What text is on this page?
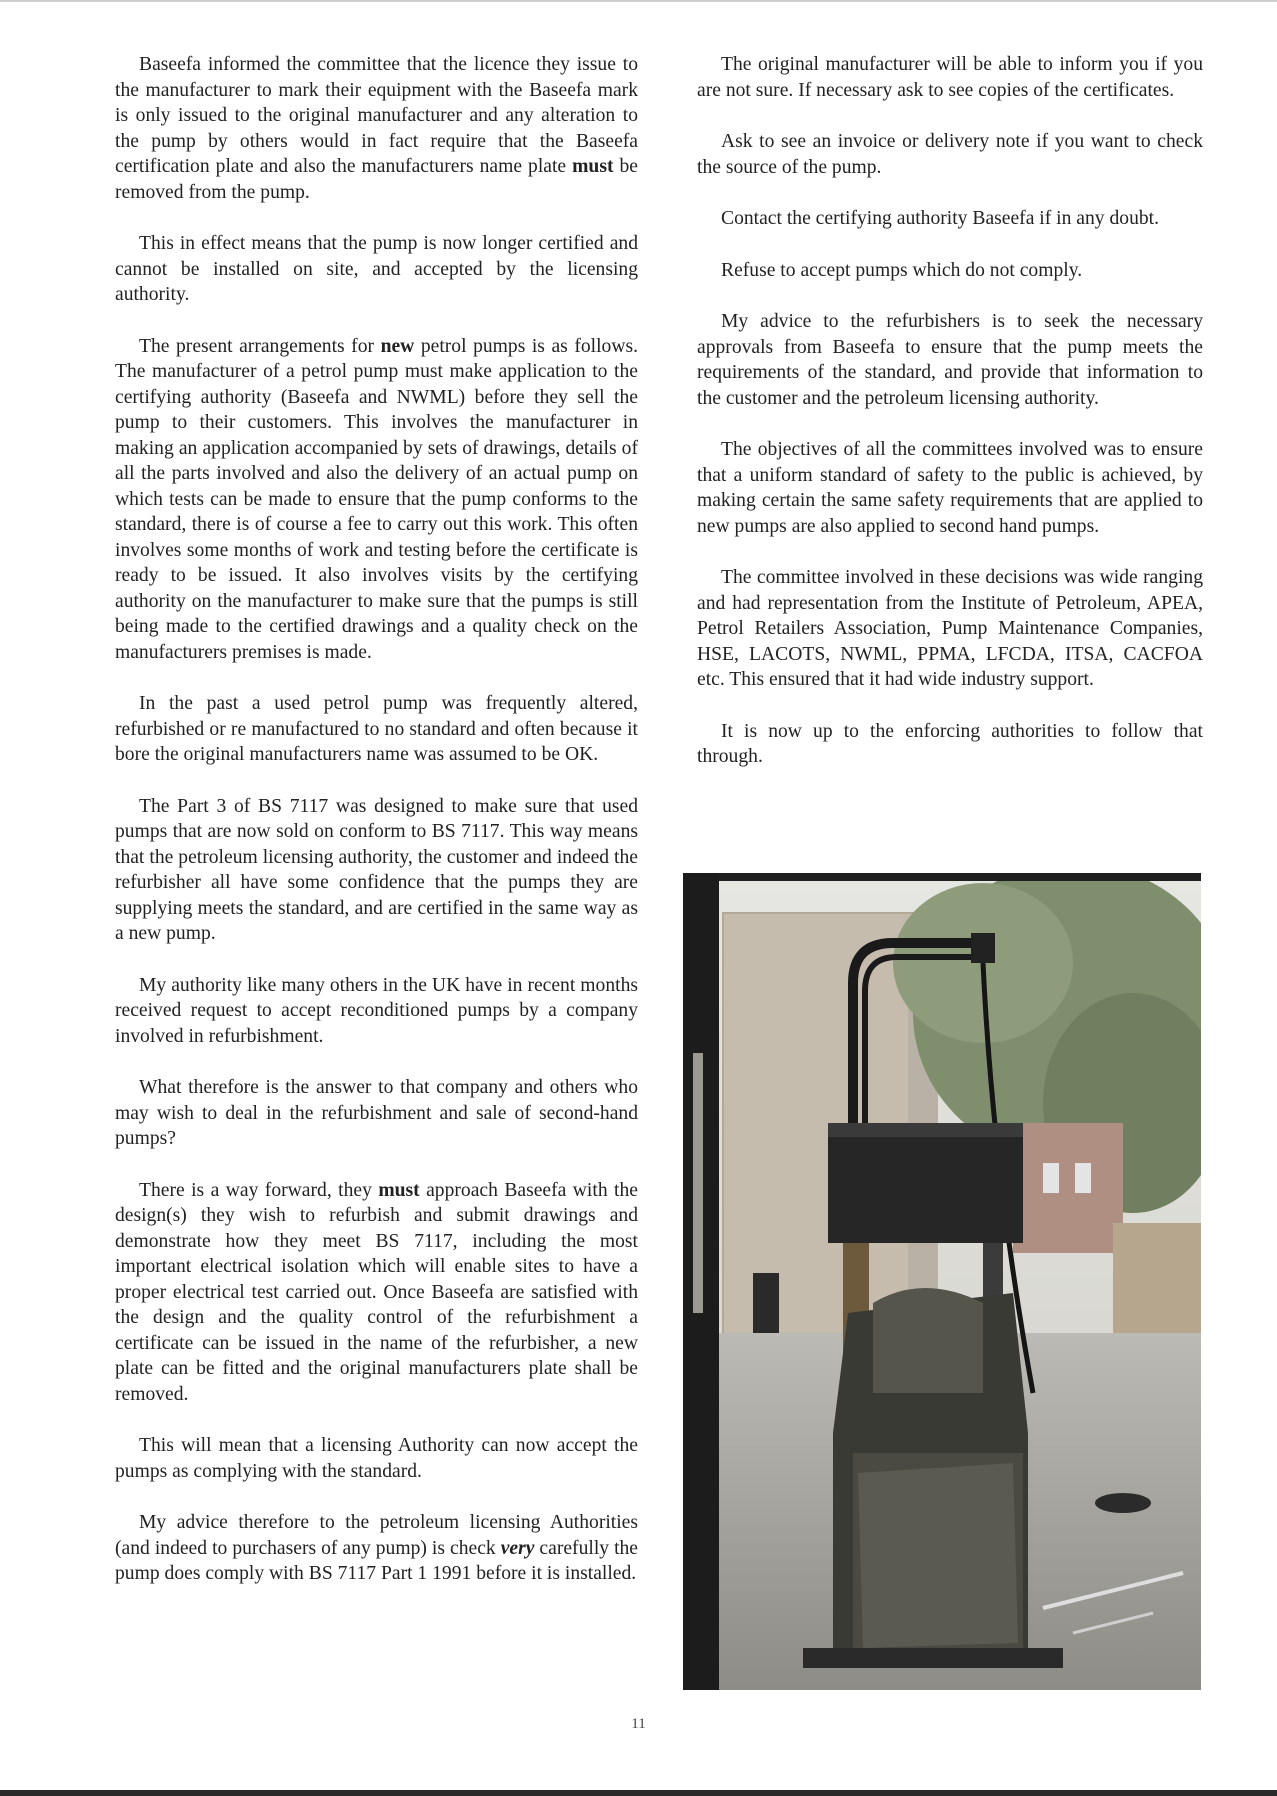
Baseefa informed the committee that the licence they issue to the manufacturer to mark their equipment with the Baseefa mark is only issued to the original manufacturer and any alteration to the pump by others would in fact require that the Baseefa certification plate and also the manufacturers name plate must be removed from the pump.

This in effect means that the pump is now longer certified and cannot be installed on site, and accepted by the licensing authority.

The present arrangements for new petrol pumps is as follows. The manufacturer of a petrol pump must make application to the certifying authority (Baseefa and NWML) before they sell the pump to their customers. This involves the manufacturer in making an application accompanied by sets of drawings, details of all the parts involved and also the delivery of an actual pump on which tests can be made to ensure that the pump conforms to the standard, there is of course a fee to carry out this work. This often involves some months of work and testing before the certificate is ready to be issued. It also involves visits by the certifying authority on the manufacturer to make sure that the pumps is still being made to the certified drawings and a quality check on the manufacturers premises is made.

In the past a used petrol pump was frequently altered, refurbished or re manufactured to no standard and often because it bore the original manufacturers name was assumed to be OK.

The Part 3 of BS 7117 was designed to make sure that used pumps that are now sold on conform to BS 7117. This way means that the petroleum licensing authority, the customer and indeed the refurbisher all have some confidence that the pumps they are supplying meets the standard, and are certified in the same way as a new pump.

My authority like many others in the UK have in recent months received request to accept reconditioned pumps by a company involved in refurbishment.

What therefore is the answer to that company and others who may wish to deal in the refurbishment and sale of second-hand pumps?

There is a way forward, they must approach Baseefa with the design(s) they wish to refurbish and submit drawings and demonstrate how they meet BS 7117, including the most important electrical isolation which will enable sites to have a proper electrical test carried out. Once Baseefa are satisfied with the design and the quality control of the refurbishment a certificate can be issued in the name of the refurbisher, a new plate can be fitted and the original manufacturers plate shall be removed.

This will mean that a licensing Authority can now accept the pumps as complying with the standard.

My advice therefore to the petroleum licensing Authorities (and indeed to purchasers of any pump) is check very carefully the pump does comply with BS 7117 Part 1 1991 before it is installed.

The original manufacturer will be able to inform you if you are not sure. If necessary ask to see copies of the certificates.

Ask to see an invoice or delivery note if you want to check the source of the pump.

Contact the certifying authority Baseefa if in any doubt.

Refuse to accept pumps which do not comply.

My advice to the refurbishers is to seek the necessary approvals from Baseefa to ensure that the pump meets the requirements of the standard, and provide that information to the customer and the petroleum licensing authority.

The objectives of all the committees involved was to ensure that a uniform standard of safety to the public is achieved, by making certain the same safety requirements that are applied to new pumps are also applied to second hand pumps.

The committee involved in these decisions was wide ranging and had representation from the Institute of Petroleum, APEA, Petrol Retailers Association, Pump Maintenance Companies, HSE, LACOTS, NWML, PPMA, LFCDA, ITSA, CACFOA etc. This ensured that it had wide industry support.

It is now up to the enforcing authorities to follow that through.

11
